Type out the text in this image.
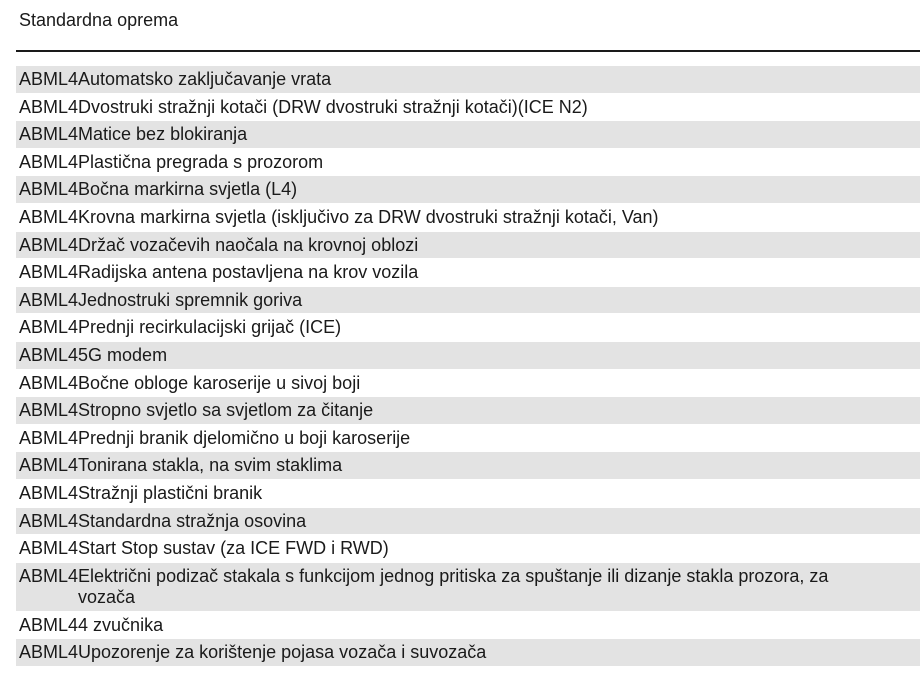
Standardna oprema
ABML4 Automatsko zaključavanje vrata
ABML4 Dvostruki stražnji kotači (DRW dvostruki stražnji kotači)(ICE N2)
ABML4 Matice bez blokiranja
ABML4 Plastična pregrada s prozorom
ABML4 Bočna markirna svjetla (L4)
ABML4 Krovna markirna svjetla (isključivo za DRW dvostruki stražnji kotači, Van)
ABML4 Držač vozačevih naočala na krovnoj oblozi
ABML4 Radijska antena postavljena na krov vozila
ABML4 Jednostruki spremnik goriva
ABML4 Prednji recirkulacijski grijač (ICE)
ABML4 5G modem
ABML4 Bočne obloge karoserije u sivoj boji
ABML4 Stropno svjetlo sa svjetlom za čitanje
ABML4 Prednji branik djelomično u boji karoserije
ABML4 Tonirana stakla, na svim staklima
ABML4 Stražnji plastični branik
ABML4 Standardna stražnja osovina
ABML4 Start Stop sustav (za ICE FWD i RWD)
ABML4 Električni podizač stakala s funkcijom jednog pritiska za spuštanje ili dizanje stakla prozora, za vozača
ABML4 4 zvučnika
ABML4 Upozorenje za korištenje pojasa vozača i suvozača
